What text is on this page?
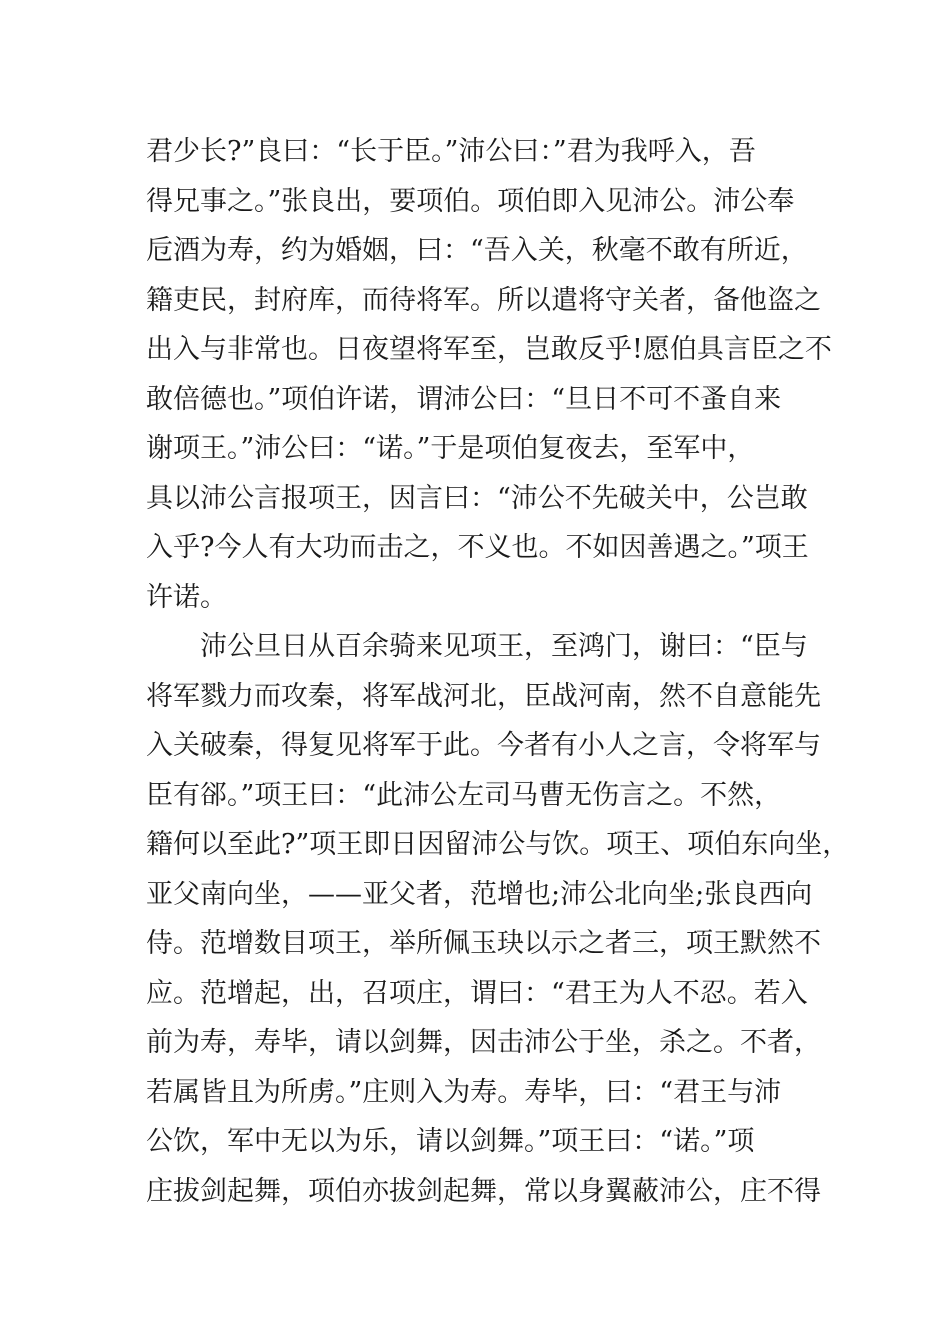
君少长?”良曰：“长于臣。”沛公曰：”君为我呼入，吾
得兄事之。”张良出，要项伯。项伯即入见沛公。沛公奉
卮酒为寿，约为婚姻，曰：“吾入关，秋毫不敢有所近，
籍吏民，封府库，而待将军。所以遣将守关者，备他盗之
出入与非常也。日夜望将军至，岂敢反乎!愿伯具言臣之不
敢倍德也。”项伯许诺，谓沛公曰：“旦日不可不蚤自来
谢项王。”沛公曰：“诺。”于是项伯复夜去，至军中，
具以沛公言报项王，因言曰：“沛公不先破关中，公岂敢
入乎?今人有大功而击之，不义也。不如因善遇之。”项王
许诺。
沛公旦日从百余骑来见项王，至鸿门，谢曰：“臣与
将军戮力而攻秦，将军战河北，臣战河南，然不自意能先
入关破秦，得复见将军于此。今者有小人之言，令将军与
臣有郤。”项王曰：“此沛公左司马曹无伤言之。不然，
籍何以至此?”项王即日因留沛公与饮。项王、项伯东向坐，
亚父南向坐，——亚父者，范增也;沛公北向坐;张良西向
侍。范增数目项王，举所佩玉玦以示之者三，项王默然不
应。范增起，出，召项庄，谓曰：“君王为人不忍。若入
前为寿，寿毕，请以剑舞，因击沛公于坐，杀之。不者，
若属皆且为所虏。”庄则入为寿。寿毕，曰：“君王与沛
公饮，军中无以为乐，请以剑舞。”项王曰：“诺。”项
庄拔剑起舞，项伯亦拔剑起舞，常以身翼蔽沛公，庄不得
